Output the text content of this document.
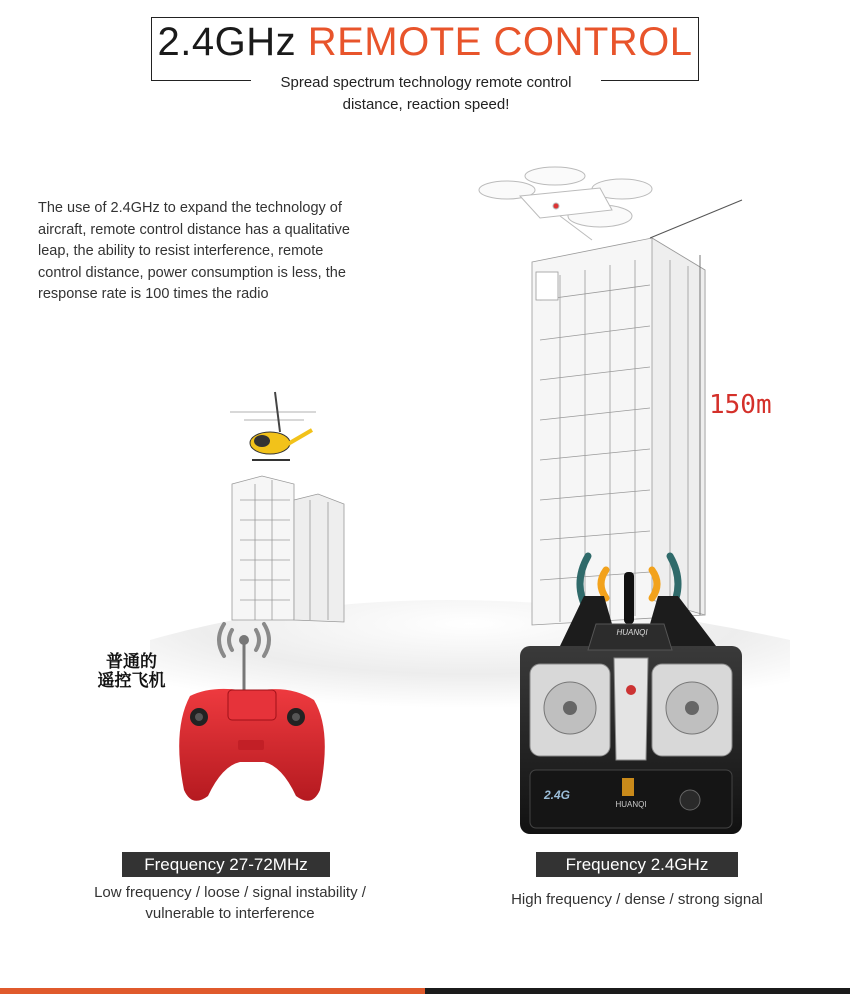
2.4GHz REMOTE CONTROL
Spread spectrum technology remote control
distance, reaction speed!
The use of 2.4GHz to expand the technology of
aircraft, remote control distance has a qualitative
leap, the ability to resist interference, remote
control distance, power consumption is less, the
response rate is 100 times the radio
150m
普通的
遥控飞机
HUANQI
HUANQI
2.4G
Frequency 27-72MHz	Frequency 2.4GHz
Low frequency / loose / signal instability /
vulnerable to interference
High frequency / dense / strong signal
